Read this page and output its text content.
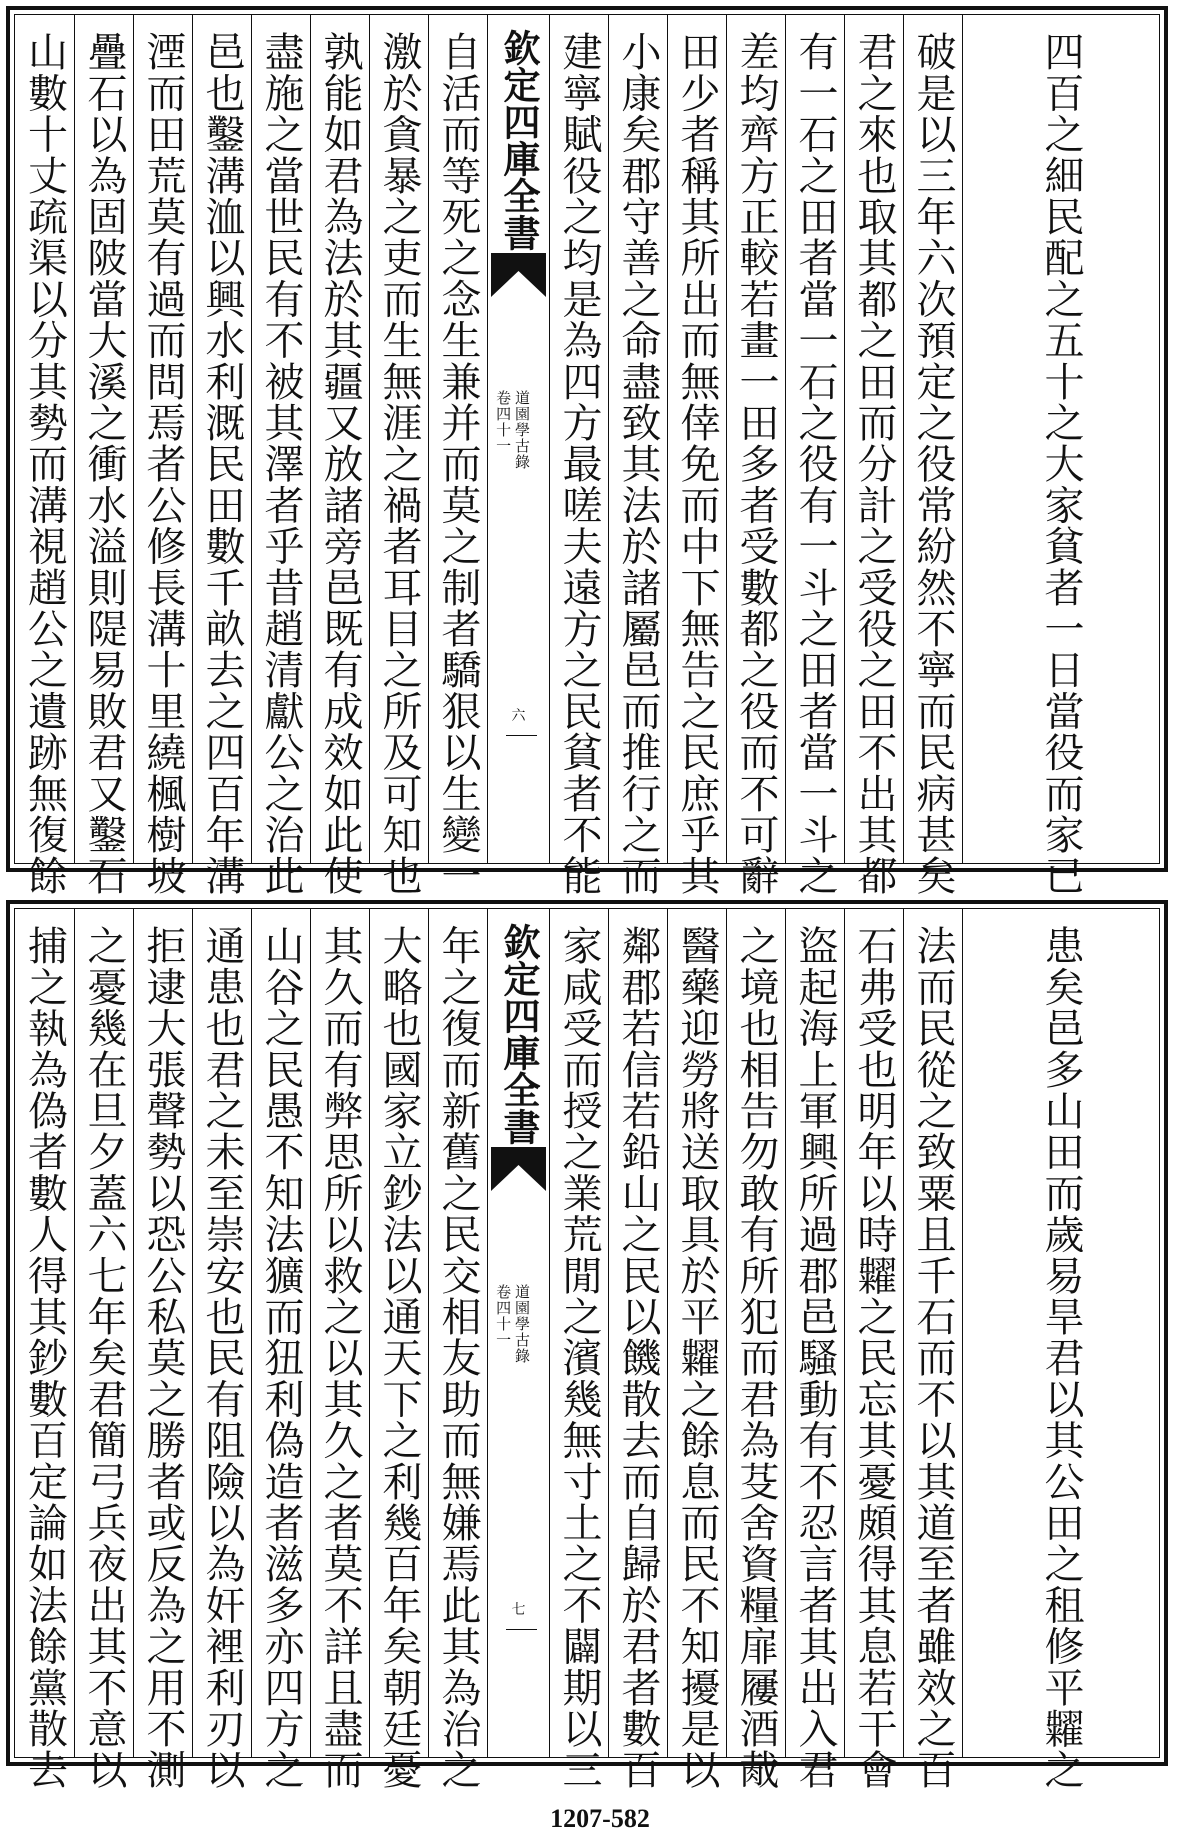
山數十丈疏渠以分其勢而溝視趙公之遺跡無復餘 疊石以為固陂當大溪之衝水溢則隄易敗君又鑿石 湮而田荒莫有過而問焉者公修長溝十里繞楓樹坡 邑也鑿溝洫以興水利溉民田數千畝去之四百年溝 盡施之當世民有不被其澤者乎昔趙清獻公之治此 孰能如君為法於其疆又放諸旁邑既有成效如此使 激於貪暴之吏而生無涯之禍者耳目之所及可知也 自活而等死之念生兼并而莫之制者驕狠以生變一 欽定四庫全書
道園學古錄
卷四十一
六 建寧賦役之均是為四方最嗟夫遠方之民貧者不能 小康矣郡守善之命盡致其法於諸屬邑而推行之而 田少者稱其所出而無倖免而中下無告之民庶乎其 差均齊方正較若畫一田多者受數都之役而不可辭 有一石之田者當一石之役有一斗之田者當一斗之 君之來也取其都之田而分計之受役之田不出其都 破是以三年六次預定之役常紛然不寧而民病甚矣 四百之細民配之五十之大家貧者一日當役而家已
捕之執為偽者數人得其鈔數百定論如法餘黨散去 之憂幾在旦夕蓋六七年矣君簡弓兵夜出其不意以 拒逮大張聲勢以恐公私莫之勝者或反為之用不測 通患也君之未至崇安也民有阻險以為奸裡利刃以 山谷之民愚不知法獷而狃利偽造者滋多亦四方之 其久而有弊思所以救之以其久之者莫不詳且盡而 大略也國家立鈔法以通天下之利幾百年矣朝廷憂 年之復而新舊之民交相友助而無嫌焉此其為治之 欽定四庫全書
道園學古錄
卷四十一
七 家咸受而授之業荒閒之濱幾無寸土之不闢期以三 鄰郡若信若鉛山之民以饑散去而自歸於君者數百 醫藥迎勞將送取具於平糶之餘息而民不知擾是以 之境也相告勿敢有所犯而君為芟舍資糧扉屨酒胾 盜起海上軍興所過郡邑騷動有不忍言者其出入君 石弗受也明年以時糶之民忘其憂頗得其息若干會 法而民從之致粟且千石而不以其道至者雖效之百 患矣邑多山田而歲易旱君以其公田之租修平糶之
1207-582
